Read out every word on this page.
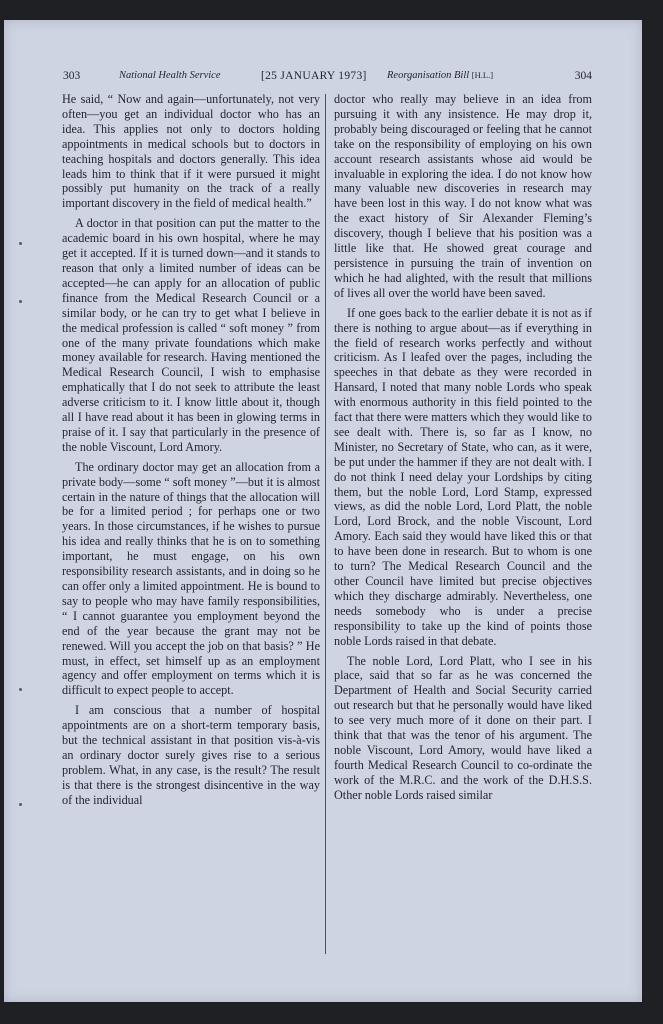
303	National Health Service	[25 JANUARY 1973] Reorganisation Bill [H.L.]	304

He said, “ Now and again—unfortunately, not very often—you get an individual doctor who has an idea. This applies not only to doctors holding appointments in medical schools but to doctors in teaching hospitals and doctors generally. This idea leads him to think that if it were pursued it might possibly put humanity on the track of a really important discovery in the field of medical health.”

A doctor in that position can put the matter to the academic board in his own hospital, where he may get it accepted. If it is turned down—and it stands to reason that only a limited number of ideas can be accepted—he can apply for an allocation of public finance from the Medical Research Council or a similar body, or he can try to get what I believe in the medical profession is called “ soft money ” from one of the many private foundations which make money available for research. Having mentioned the Medical Research Council, I wish to emphasise emphatically that I do not seek to attribute the least adverse criticism to it. I know little about it, though all I have read about it has been in glowing terms in praise of it. I say that particularly in the presence of the noble Viscount, Lord Amory.

The ordinary doctor may get an allocation from a private body—some “ soft money ”—but it is almost certain in the nature of things that the allocation will be for a limited period ; for perhaps one or two years. In those circumstances, if he wishes to pursue his idea and really thinks that he is on to something important, he must engage, on his own responsibility research assistants, and in doing so he can offer only a limited appointment. He is bound to say to people who may have family responsibilities, “ I cannot guarantee you employment beyond the end of the year because the grant may not be renewed. Will you accept the job on that basis? ” He must, in effect, set himself up as an employment agency and offer employment on terms which it is difficult to expect people to accept.

I am conscious that a number of hospital appointments are on a short-term temporary basis, but the technical assistant in that position vis-à-vis an ordinary doctor surely gives rise to a serious problem. What, in any case, is the result? The result is that there is the strongest disincentive in the way of the individual

doctor who really may believe in an idea from pursuing it with any insistence. He may drop it, probably being discouraged or feeling that he cannot take on the responsibility of employing on his own account research assistants whose aid would be invaluable in exploring the idea. I do not know how many valuable new discoveries in research may have been lost in this way. I do not know what was the exact history of Sir Alexander Fleming’s discovery, though I believe that his position was a little like that. He showed great courage and persistence in pursuing the train of invention on which he had alighted, with the result that millions of lives all over the world have been saved.

If one goes back to the earlier debate it is not as if there is nothing to argue about—as if everything in the field of research works perfectly and without criticism. As I leafed over the pages, including the speeches in that debate as they were recorded in Hansard, I noted that many noble Lords who speak with enormous authority in this field pointed to the fact that there were matters which they would like to see dealt with. There is, so far as I know, no Minister, no Secretary of State, who can, as it were, be put under the hammer if they are not dealt with. I do not think I need delay your Lordships by citing them, but the noble Lord, Lord Stamp, expressed views, as did the noble Lord, Lord Platt, the noble Lord, Lord Brock, and the noble Viscount, Lord Amory. Each said they would have liked this or that to have been done in research. But to whom is one to turn? The Medical Research Council and the other Council have limited but precise objectives which they discharge admirably. Nevertheless, one needs somebody who is under a precise responsibility to take up the kind of points those noble Lords raised in that debate.

The noble Lord, Lord Platt, who I see in his place, said that so far as he was concerned the Department of Health and Social Security carried out research but that he personally would have liked to see very much more of it done on their part. I think that that was the tenor of his argument. The noble Viscount, Lord Amory, would have liked a fourth Medical Research Council to co-ordinate the work of the M.R.C. and the work of the D.H.S.S. Other noble Lords raised similar
